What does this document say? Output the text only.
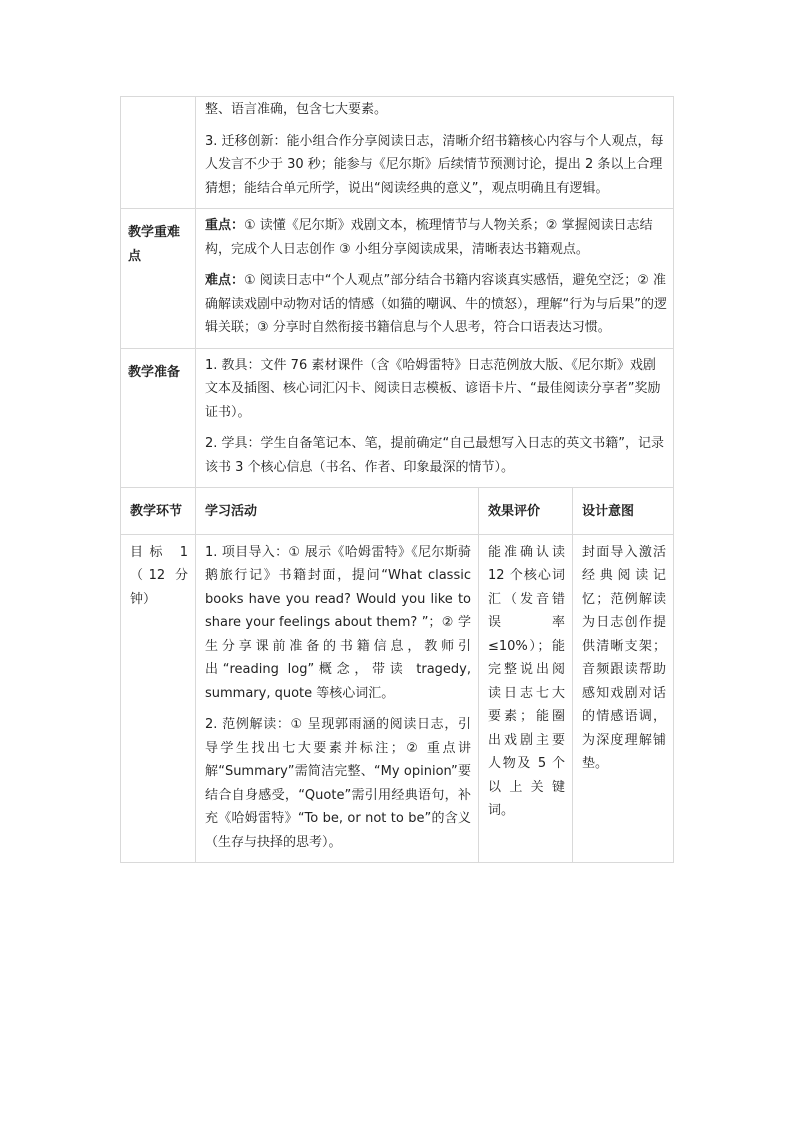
	整、语言准确，包含七大要素。

3. 迁移创新：能小组合作分享阅读日志，清晰介绍书籍核心内容与个人观点，每人发言不少于 30 秒；能参与《尼尔斯》后续情节预测讨论，提出 2 条以上合理猜想；能结合单元所学，说出“阅读经典的意义”，观点明确且有逻辑。		

教学重难点	重点：① 读懂《尼尔斯》戏剧文本，梳理情节与人物关系；② 掌握阅读日志结构，完成个人日志创作 ③ 小组分享阅读成果，清晰表达书籍观点。

难点：① 阅读日志中“个人观点”部分结合书籍内容谈真实感悟，避免空泛；② 准确解读戏剧中动物对话的情感（如猫的嘲讽、牛的愤怒），理解“行为与后果”的逻辑关联；③ 分享时自然衔接书籍信息与个人思考，符合口语表达习惯。		

教学准备	1. 教具：文件 76 素材课件（含《哈姆雷特》日志范例放大版、《尼尔斯》戏剧文本及插图、核心词汇闪卡、阅读日志模板、谚语卡片、“最佳阅读分享者”奖励证书）。

2. 学具：学生自备笔记本、笔，提前确定“自己最想写入日志的英文书籍”，记录该书 3 个核心信息（书名、作者、印象最深的情节）。		

教学环节	学习活动	效果评价	设计意图
目标 1（12 分钟）	1. 项目导入：① 展示《哈姆雷特》《尼尔斯骑鹅旅行记》书籍封面，提问“What classic books have you read? Would you like to share your feelings about them? ”；② 学生分享课前准备的书籍信息，教师引出“reading log”概念，带读 tragedy, summary, quote 等核心词汇。

2. 范例解读：① 呈现郭雨涵的阅读日志，引导学生找出七大要素并标注；② 重点讲解“Summary”需简洁完整、“My opinion”要结合自身感受，“Quote”需引用经典语句，补充《哈姆雷特》“To be, or not to be”的含义（生存与抉择的思考）。	能准确认读 12 个核心词汇（发音错误率≤10%）；能完整说出阅读日志七大要素；能圈出戏剧主要人物及 5 个以上关键词。	封面导入激活经典阅读记忆；范例解读为日志创作提供清晰支架；音频跟读帮助感知戏剧对话的情感语调，为深度理解铺垫。
